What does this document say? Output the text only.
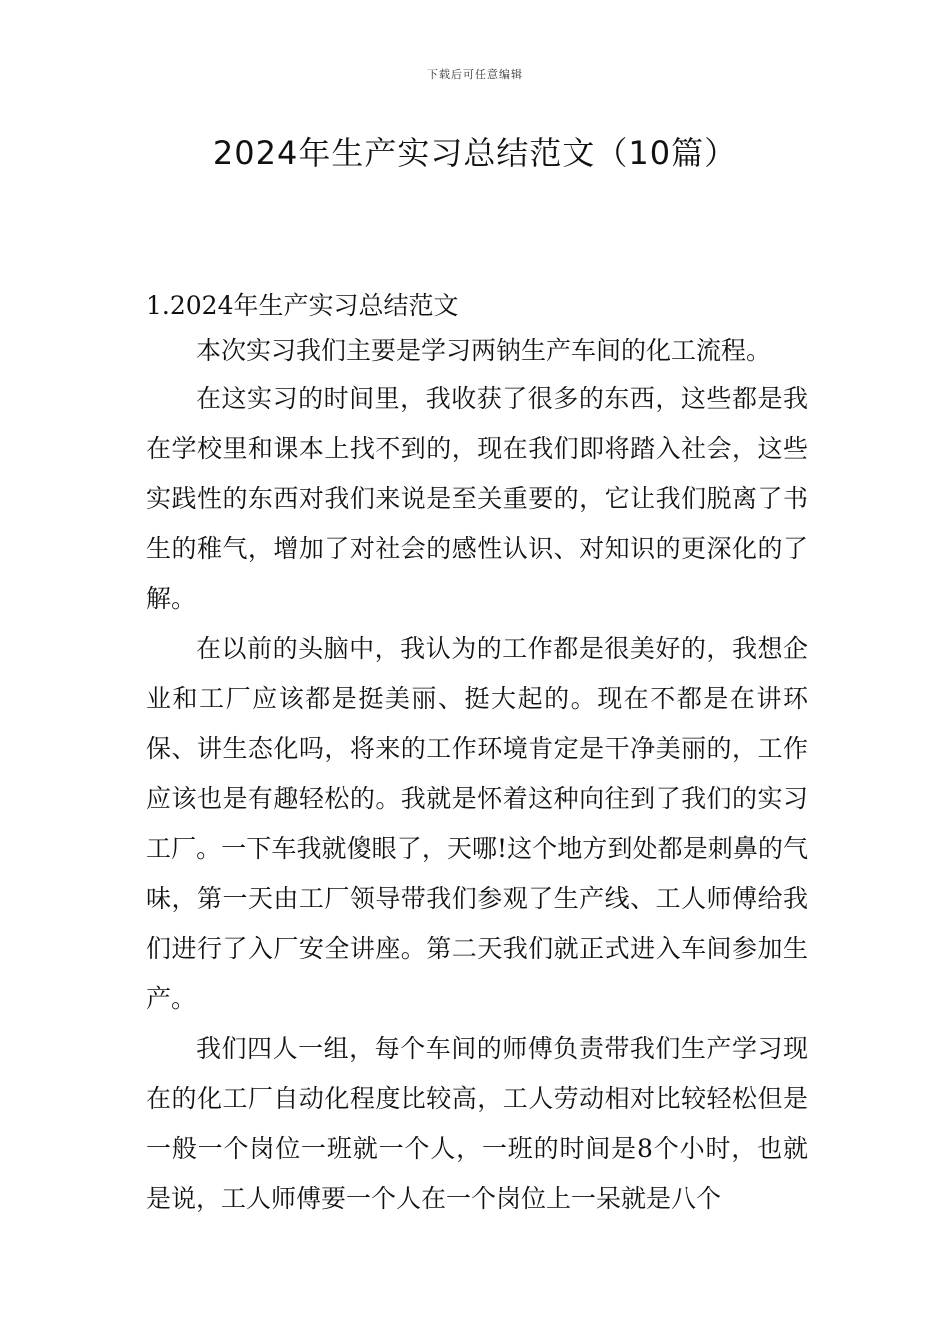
下载后可任意编辑
2024年生产实习总结范文（10篇）
1.2024年生产实习总结范文

本次实习我们主要是学习两钠生产车间的化工流程。

在这实习的时间里，我收获了很多的东西，这些都是我在学校里和课本上找不到的，现在我们即将踏入社会，这些实践性的东西对我们来说是至关重要的，它让我们脱离了书生的稚气，增加了对社会的感性认识、对知识的更深化的了解。

在以前的头脑中，我认为的工作都是很美好的，我想企业和工厂应该都是挺美丽、挺大起的。现在不都是在讲环保、讲生态化吗，将来的工作环境肯定是干净美丽的，工作应该也是有趣轻松的。我就是怀着这种向往到了我们的实习工厂。一下车我就傻眼了，天哪!这个地方到处都是刺鼻的气味，第一天由工厂领导带我们参观了生产线、工人师傅给我们进行了入厂安全讲座。第二天我们就正式进入车间参加生产。

我们四人一组，每个车间的师傅负责带我们生产学习现在的化工厂自动化程度比较高，工人劳动相对比较轻松但是一般一个岗位一班就一个人，一班的时间是8个小时，也就是说，工人师傅要一个人在一个岗位上一呆就是八个
